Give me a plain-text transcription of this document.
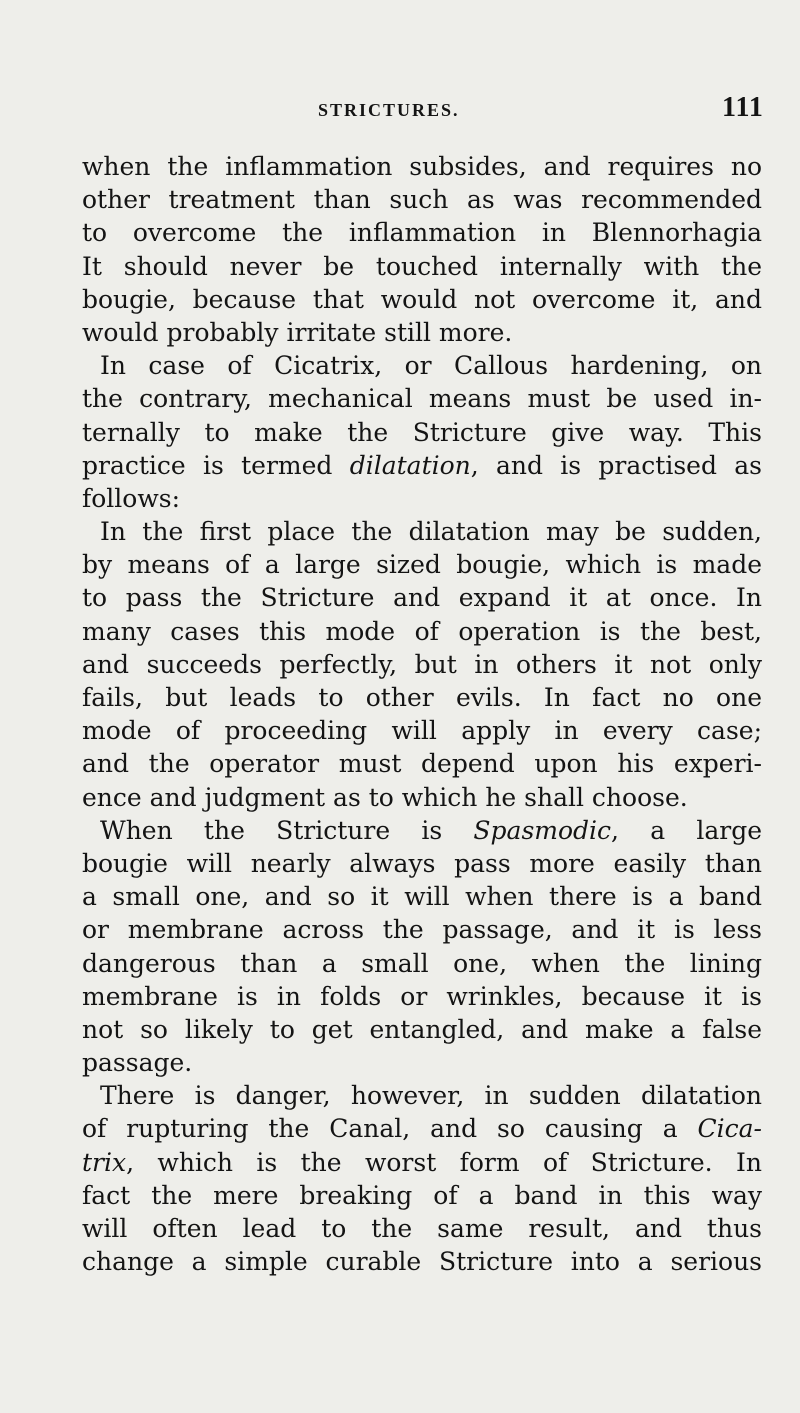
STRICTURES.	111
when the inflammation subsides, and requires no
other treatment than such as was recommended
to overcome the inflammation in Blennorhagia
It should never be touched internally with the
bougie, because that would not overcome it, and
would probably irritate still more.
In case of Cicatrix, or Callous hardening, on
the contrary, mechanical means must be used in-
ternally to make the Stricture give way. This
practice is termed dilatation, and is practised as
follows:
In the first place the dilatation may be sudden,
by means of a large sized bougie, which is made
to pass the Stricture and expand it at once. In
many cases this mode of operation is the best,
and succeeds perfectly, but in others it not only
fails, but leads to other evils. In fact no one
mode of proceeding will apply in every case;
and the operator must depend upon his experi-
ence and judgment as to which he shall choose.
When the Stricture is Spasmodic, a large
bougie will nearly always pass more easily than
a small one, and so it will when there is a band
or membrane across the passage, and it is less
dangerous than a small one, when the lining
membrane is in folds or wrinkles, because it is
not so likely to get entangled, and make a false
passage.
There is danger, however, in sudden dilatation
of rupturing the Canal, and so causing a Cica-
trix, which is the worst form of Stricture. In
fact the mere breaking of a band in this way
will often lead to the same result, and thus
change a simple curable Stricture into a serious
